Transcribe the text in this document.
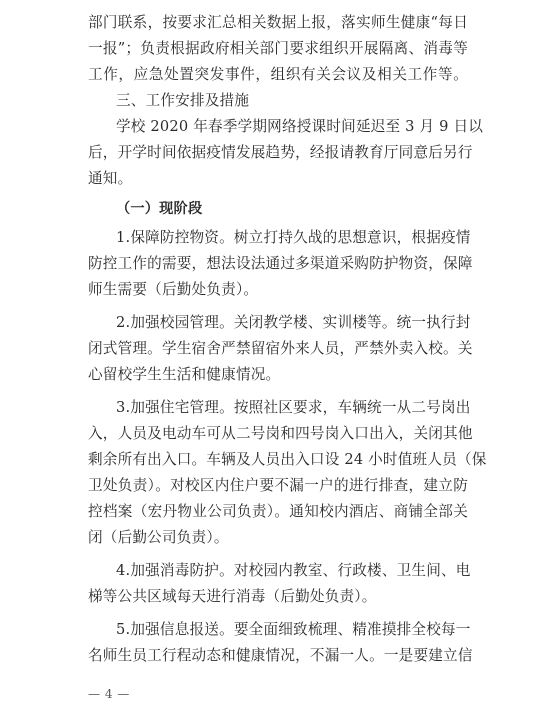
部门联系，按要求汇总相关数据上报，落实师生健康“每日
一报”；负责根据政府相关部门要求组织开展隔离、消毒等
工作，应急处置突发事件，组织有关会议及相关工作等。
三、工作安排及措施
学校 2020 年春季学期网络授课时间延迟至 3 月 9 日以
后，开学时间依据疫情发展趋势，经报请教育厅同意后另行
通知。
（一）现阶段
1.保障防控物资。树立打持久战的思想意识，根据疫情
防控工作的需要，想法设法通过多渠道采购防护物资，保障
师生需要（后勤处负责）。
2.加强校园管理。关闭教学楼、实训楼等。统一执行封
闭式管理。学生宿舍严禁留宿外来人员，严禁外卖入校。关
心留校学生生活和健康情况。
3.加强住宅管理。按照社区要求，车辆统一从二号岗出
入，人员及电动车可从二号岗和四号岗入口出入，关闭其他
剩余所有出入口。车辆及人员出入口设 24 小时值班人员（保
卫处负责）。对校区内住户要不漏一户的进行排查，建立防
控档案（宏丹物业公司负责）。通知校内酒店、商铺全部关
闭（后勤公司负责）。
4.加强消毒防护。对校园内教室、行政楼、卫生间、电
梯等公共区域每天进行消毒（后勤处负责）。
5.加强信息报送。要全面细致梳理、精准摸排全校每一
名师生员工行程动态和健康情况，不漏一人。一是要建立信
— 4 —
